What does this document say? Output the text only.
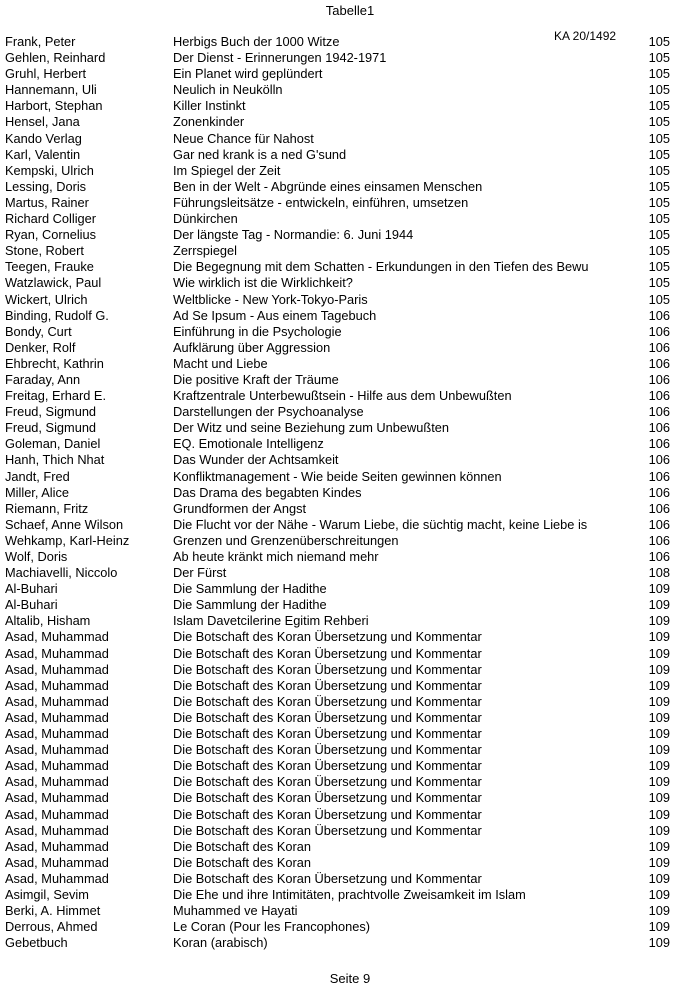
Tabelle1
KA 20/1492
Frank, Peter	Herbigs Buch der 1000 Witze	105
Gehlen, Reinhard	Der Dienst - Erinnerungen 1942-1971	105
Gruhl, Herbert	Ein Planet wird geplündert	105
Hannemann, Uli	Neulich in Neukölln	105
Harbort, Stephan	Killer Instinkt	105
Hensel, Jana	Zonenkinder	105
Kando Verlag	Neue Chance für Nahost	105
Karl, Valentin	Gar ned krank is a ned G'sund	105
Kempski, Ulrich	Im Spiegel der Zeit	105
Lessing, Doris	Ben in der Welt - Abgründe eines einsamen Menschen	105
Martus, Rainer	Führungsleitsätze - entwickeln, einführen, umsetzen	105
Richard Colliger	Dünkirchen	105
Ryan, Cornelius	Der längste Tag - Normandie: 6. Juni 1944	105
Stone, Robert	Zerrspiegel	105
Teegen, Frauke	Die Begegnung mit dem Schatten - Erkundungen in den Tiefen des Bewu	105
Watzlawick, Paul	Wie wirklich ist die Wirklichkeit?	105
Wickert, Ulrich	Weltblicke - New York-Tokyo-Paris	105
Binding, Rudolf G.	Ad Se Ipsum - Aus einem Tagebuch	106
Bondy, Curt	Einführung in die Psychologie	106
Denker, Rolf	Aufklärung über Aggression	106
Ehbrecht, Kathrin	Macht und Liebe	106
Faraday, Ann	Die positive Kraft der Träume	106
Freitag, Erhard E.	Kraftzentrale Unterbewußtsein - Hilfe aus dem Unbewußten	106
Freud, Sigmund	Darstellungen der Psychoanalyse	106
Freud, Sigmund	Der Witz und seine Beziehung zum Unbewußten	106
Goleman, Daniel	EQ. Emotionale Intelligenz	106
Hanh, Thich Nhat	Das Wunder der Achtsamkeit	106
Jandt, Fred	Konfliktmanagement - Wie beide Seiten gewinnen können	106
Miller, Alice	Das Drama des begabten Kindes	106
Riemann, Fritz	Grundformen der Angst	106
Schaef, Anne Wilson	Die Flucht vor der Nähe - Warum Liebe, die süchtig macht, keine Liebe is	106
Wehkamp, Karl-Heinz	Grenzen und Grenzenüberschreitungen	106
Wolf, Doris	Ab heute kränkt mich niemand mehr	106
Machiavelli, Niccolo	Der Fürst	108
Al-Buhari	Die Sammlung der Hadithe	109
Al-Buhari	Die Sammlung der Hadithe	109
Altalib, Hisham	Islam Davetcilerine Egitim Rehberi	109
Asad, Muhammad	Die Botschaft des Koran Übersetzung und Kommentar	109
Asad, Muhammad	Die Botschaft des Koran Übersetzung und Kommentar	109
Asad, Muhammad	Die Botschaft des Koran Übersetzung und Kommentar	109
Asad, Muhammad	Die Botschaft des Koran Übersetzung und Kommentar	109
Asad, Muhammad	Die Botschaft des Koran Übersetzung und Kommentar	109
Asad, Muhammad	Die Botschaft des Koran Übersetzung und Kommentar	109
Asad, Muhammad	Die Botschaft des Koran Übersetzung und Kommentar	109
Asad, Muhammad	Die Botschaft des Koran Übersetzung und Kommentar	109
Asad, Muhammad	Die Botschaft des Koran Übersetzung und Kommentar	109
Asad, Muhammad	Die Botschaft des Koran Übersetzung und Kommentar	109
Asad, Muhammad	Die Botschaft des Koran Übersetzung und Kommentar	109
Asad, Muhammad	Die Botschaft des Koran Übersetzung und Kommentar	109
Asad, Muhammad	Die Botschaft des Koran Übersetzung und Kommentar	109
Asad, Muhammad	Die Botschaft des Koran	109
Asad, Muhammad	Die Botschaft des Koran	109
Asad, Muhammad	Die Botschaft des Koran Übersetzung und Kommentar	109
Asimgil, Sevim	Die Ehe und ihre Intimitäten, prachtvolle Zweisamkeit im Islam	109
Berki, A. Himmet	Muhammed ve Hayati	109
Derrous, Ahmed	Le Coran (Pour les Francophones)	109
Gebetbuch	Koran (arabisch)	109
Seite 9
